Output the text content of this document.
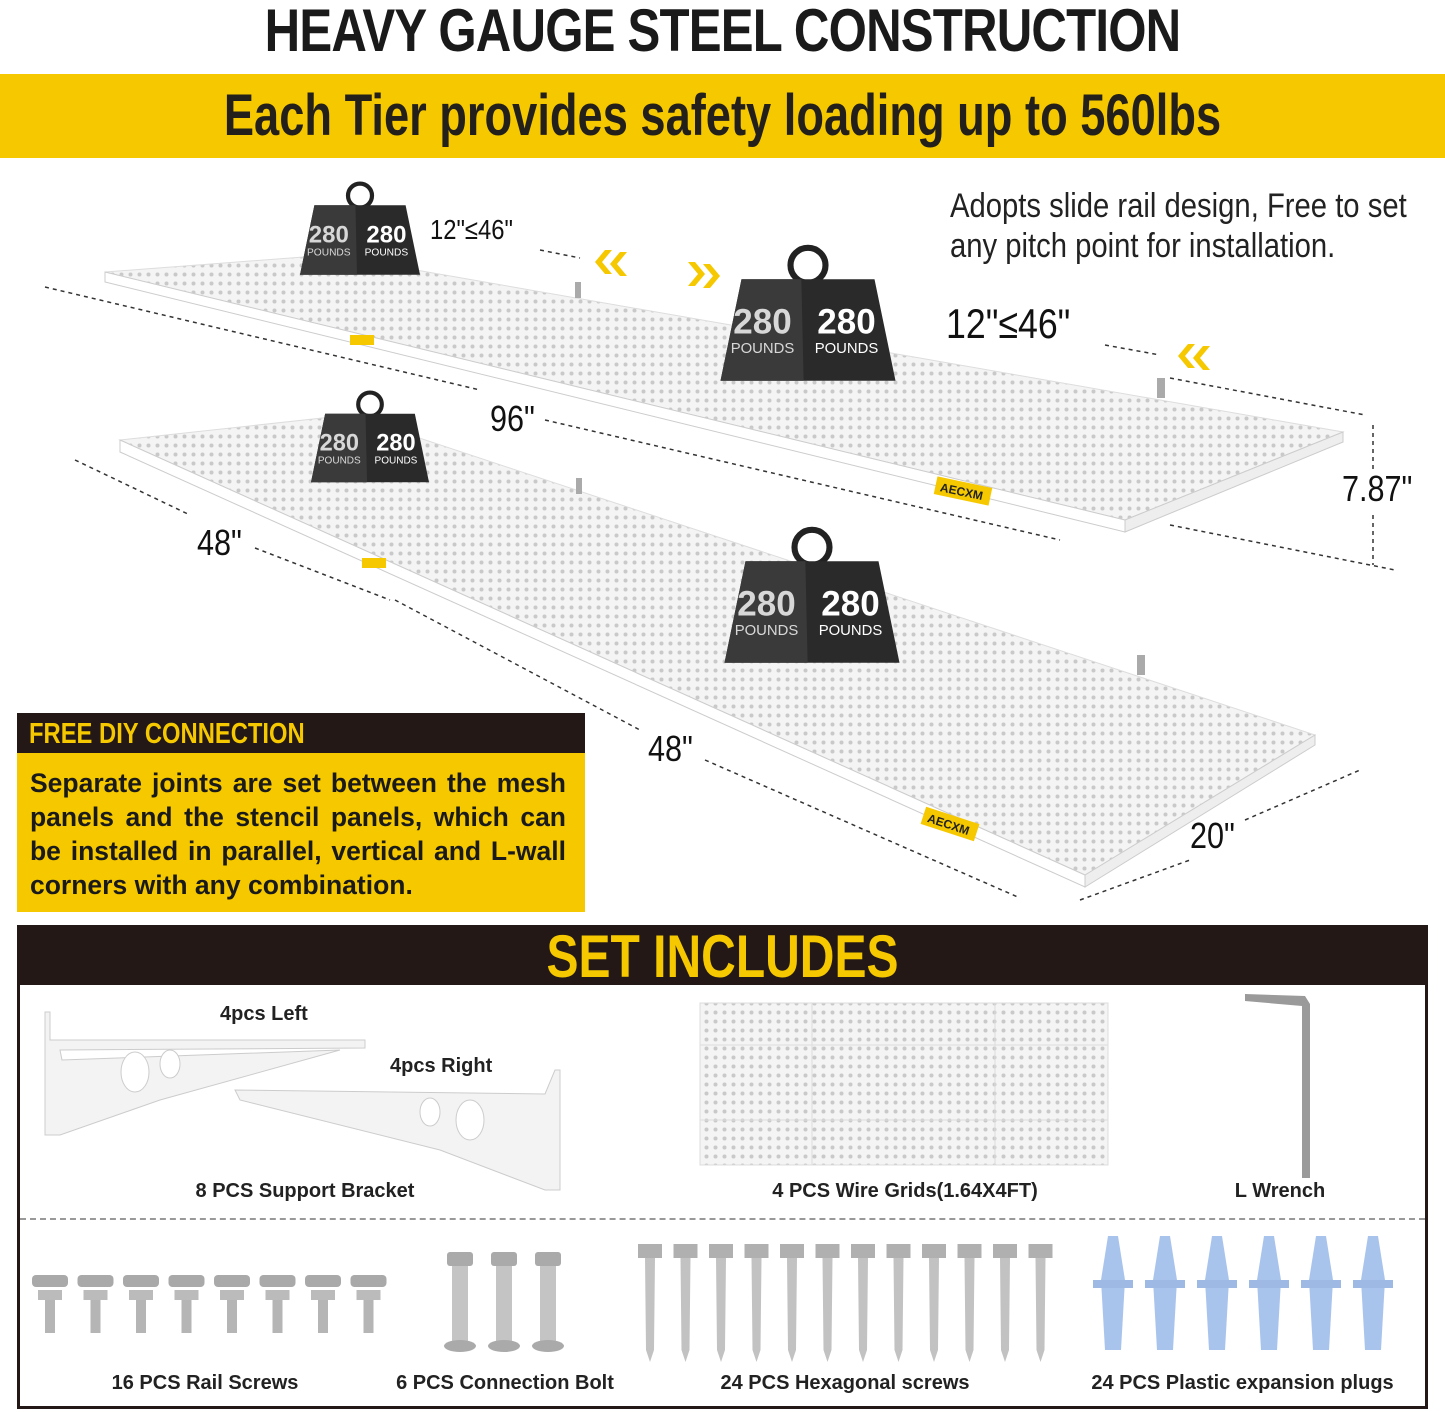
HEAVY GAUGE STEEL CONSTRUCTION
Each Tier provides safety loading up to 560lbs
AECXM
AECXM
280
POUNDS
280
POUNDS
280
POUNDS
280
POUNDS
280
POUNDS
280
POUNDS
280
POUNDS
280
POUNDS
Adopts slide rail design, Free to set
any pitch point for installation.
12"≤46"
12"≤46"
96"
7.87"
48"
48"
20"
FREE DIY CONNECTION
Separate joints are set between the mesh panels and the stencil panels, which can be installed in parallel, vertical and L-wall corners with any combination.
SET INCLUDES
4pcs Left
4pcs Right
8 PCS Support Bracket	4 PCS Wire Grids(1.64X4FT)	L Wrench
16 PCS Rail Screws	6 PCS Connection Bolt	24 PCS Hexagonal screws	24 PCS Plastic expansion plugs
